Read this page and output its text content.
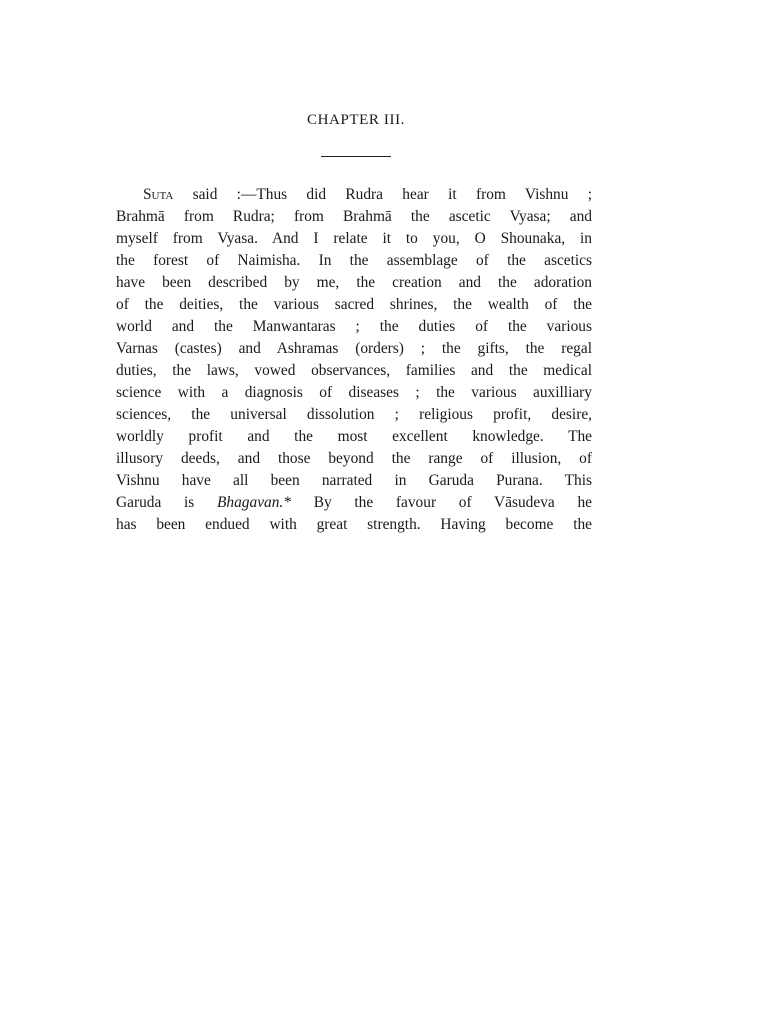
CHAPTER III.
Suta said :—Thus did Rudra hear it from Vishnu ;
Brahmā from Rudra; from Brahmā the ascetic Vyasa; and
myself from Vyasa. And I relate it to you, O Shounaka, in
the forest of Naimisha. In the assemblage of the ascetics
have been described by me, the creation and the adoration
of the deities, the various sacred shrines, the wealth of the
world and the Manwantaras ; the duties of the various
Varnas (castes) and Ashramas (orders) ; the gifts, the regal
duties, the laws, vowed observances, families and the medical
science with a diagnosis of diseases ; the various auxilliary
sciences, the universal dissolution ; religious profit, desire,
worldly profit and the most excellent knowledge. The
illusory deeds, and those beyond the range of illusion, of
Vishnu have all been narrated in Garuda Purana. This
Garuda is Bhagavan.* By the favour of Vāsudeva he
has been endued with great strength. Having become the
